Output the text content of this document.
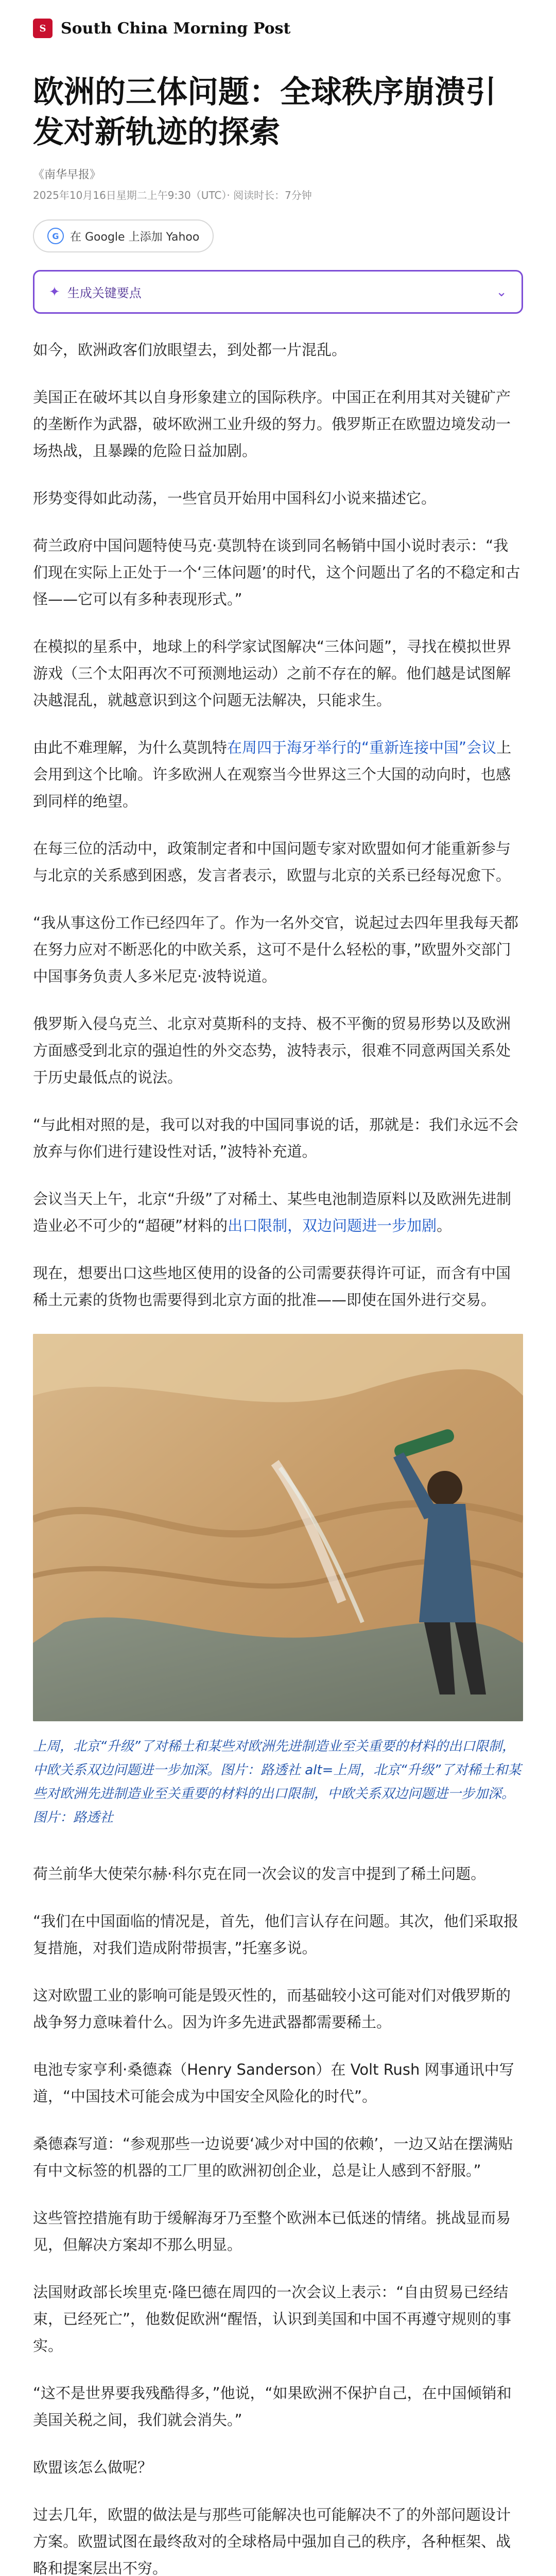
S South China Morning Post
欧洲的三体问题：全球秩序崩溃引发对新轨迹的探索
《南华早报》
2025年10月16日星期二上午9:30（UTC）· 阅读时长：7分钟
G 在 Google 上添加 Yahoo
✦ 生成关键要点	⌄

如今，欧洲政客们放眼望去，到处都一片混乱。

美国正在破坏其以自身形象建立的国际秩序。中国正在利用其对关键矿产的垄断作为武器，破坏欧洲工业升级的努力。俄罗斯正在欧盟边境发动一场热战，且暴躁的危险日益加剧。

形势变得如此动荡，一些官员开始用中国科幻小说来描述它。

荷兰政府中国问题特使马克·莫凯特在谈到同名畅销中国小说时表示：“我们现在实际上正处于一个‘三体问题’的时代，这个问题出了名的不稳定和古怪——它可以有多种表现形式。”

在模拟的星系中，地球上的科学家试图解决“三体问题”，寻找在模拟世界游戏（三个太阳再次不可预测地运动）之前不存在的解。他们越是试图解决越混乱，就越意识到这个问题无法解决，只能求生。

由此不难理解，为什么莫凯特在周四于海牙举行的“重新连接中国”会议上会用到这个比喻。许多欧洲人在观察当今世界这三个大国的动向时，也感到同样的绝望。

在每三位的活动中，政策制定者和中国问题专家对欧盟如何才能重新参与与北京的关系感到困惑，发言者表示，欧盟与北京的关系已经每况愈下。

“我从事这份工作已经四年了。作为一名外交官，说起过去四年里我每天都在努力应对不断恶化的中欧关系，这可不是什么轻松的事，”欧盟外交部门中国事务负责人多米尼克·波特说道。

俄罗斯入侵乌克兰、北京对莫斯科的支持、极不平衡的贸易形势以及欧洲方面感受到北京的强迫性的外交态势，波特表示，很难不同意两国关系处于历史最低点的说法。

“与此相对照的是，我可以对我的中国同事说的话，那就是：我们永远不会放弃与你们进行建设性对话，”波特补充道。

会议当天上午，北京“升级”了对稀土、某些电池制造原料以及欧洲先进制造业必不可少的“超硬”材料的出口限制，双边问题进一步加剧。

现在，想要出口这些地区使用的设备的公司需要获得许可证，而含有中国稀土元素的货物也需要得到北京方面的批准——即使在国外进行交易。

上周，北京“升级”了对稀土和某些对欧洲先进制造业至关重要的材料的出口限制，中欧关系双边问题进一步加深。图片：路透社 alt=上周，北京“升级”了对稀土和某些对欧洲先进制造业至关重要的材料的出口限制，中欧关系双边问题进一步加深。图片：路透社

荷兰前华大使荣尔赫·科尔克在同一次会议的发言中提到了稀土问题。

“我们在中国面临的情况是，首先，他们言认存在问题。其次，他们采取报复措施，对我们造成附带损害，”托塞多说。

这对欧盟工业的影响可能是毁灭性的，而基础较小这可能对们对俄罗斯的战争努力意味着什么。因为许多先进武器都需要稀土。

电池专家亨利·桑德森（Henry Sanderson）在 Volt Rush 网事通讯中写道，“中国技术可能会成为中国安全风险化的时代”。

桑德森写道：“参观那些一边说要‘减少对中国的依赖’，一边又站在摆满贴有中文标签的机器的工厂里的欧洲初创企业，总是让人感到不舒服。”

这些管控措施有助于缓解海牙乃至整个欧洲本已低迷的情绪。挑战显而易见，但解决方案却不那么明显。

法国财政部长埃里克·隆巴德在周四的一次会议上表示：“自由贸易已经结束，已经死亡”，他数促欧洲“醒悟，认识到美国和中国不再遵守规则的事实。

“这不是世界要我残酷得多，”他说，“如果欧洲不保护自己，在中国倾销和美国关税之间，我们就会消失。”

欧盟该怎么做呢？

过去几年，欧盟的做法是与那些可能解决也可能解决不了的外部问题设计方案。欧盟试图在最终敌对的全球格局中强加自己的秩序，各种框架、战略和提案层出不穷。
